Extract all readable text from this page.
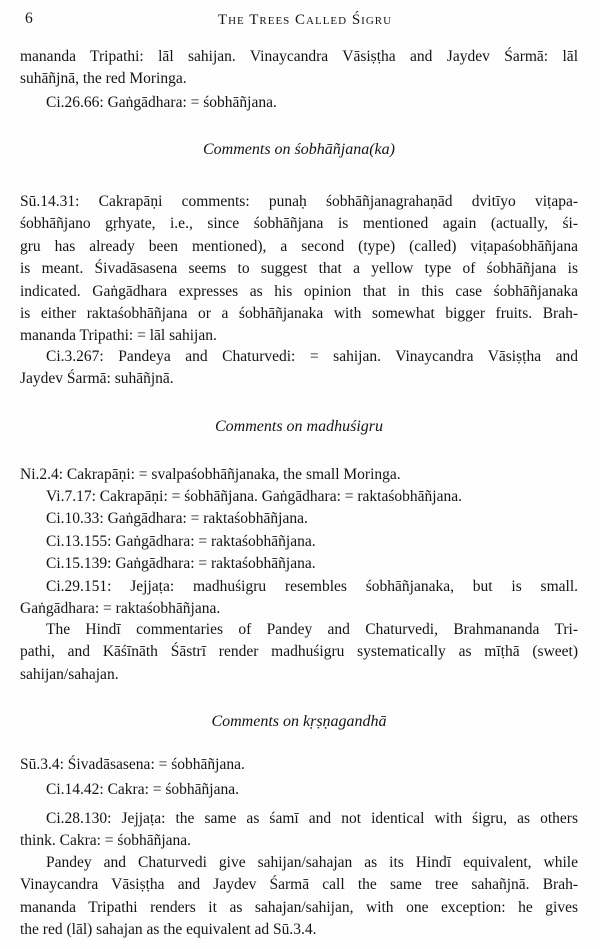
6	The Trees Called Śigru
mananda Tripathi: lāl sahijan. Vinaycandra Vāsiṣṭha and Jaydev Śarmā: lāl
suhāñjnā, the red Moringa.
Ci.26.66: Gaṅgādhara: = śobhāñjana.
Comments on śobhāñjana(ka)
Sū.14.31: Cakrapāṇi comments: punaḥ śobhāñjanagrahaṇād dvitīyo viṭapa-
śobhāñjano gṛhyate, i.e., since śobhāñjana is mentioned again (actually, śi-
gru has already been mentioned), a second (type) (called) viṭapaśobhāñjana
is meant. Śivadāsasena seems to suggest that a yellow type of śobhāñjana is
indicated. Gaṅgādhara expresses as his opinion that in this case śobhāñjanaka
is either raktaśobhāñjana or a śobhāñjanaka with somewhat bigger fruits. Brah-
mananda Tripathi: = lāl sahijan.
Ci.3.267: Pandeya and Chaturvedi: = sahijan. Vinaycandra Vāsiṣṭha and
Jaydev Śarmā: suhāñjnā.
Comments on madhuśigru
Ni.2.4: Cakrapāṇi: = svalpaśobhāñjanaka, the small Moringa.
Vi.7.17: Cakrapāṇi: = śobhāñjana. Gaṅgādhara: = raktaśobhāñjana.
Ci.10.33: Gaṅgādhara: = raktaśobhāñjana.
Ci.13.155: Gaṅgādhara: = raktaśobhāñjana.
Ci.15.139: Gaṅgādhara: = raktaśobhāñjana.
Ci.29.151: Jejjaṭa: madhuśigru resembles śobhāñjanaka, but is small.
Gaṅgādhara: = raktaśobhāñjana.
The Hindī commentaries of Pandey and Chaturvedi, Brahmananda Tri-
pathi, and Kāśīnāth Śāstrī render madhuśigru systematically as mīṭhā (sweet)
sahijan/sahajan.
Comments on kṛṣṇagandhā
Sū.3.4: Śivadāsasena: = śobhāñjana.
Ci.14.42: Cakra: = śobhāñjana.
Ci.28.130: Jejjaṭa: the same as śamī and not identical with śigru, as others
think. Cakra: = śobhāñjana.
Pandey and Chaturvedi give sahijan/sahajan as its Hindī equivalent, while
Vinaycandra Vāsiṣṭha and Jaydev Śarmā call the same tree sahañjnā. Brah-
mananda Tripathi renders it as sahajan/sahijan, with one exception: he gives
the red (lāl) sahajan as the equivalent ad Sū.3.4.
